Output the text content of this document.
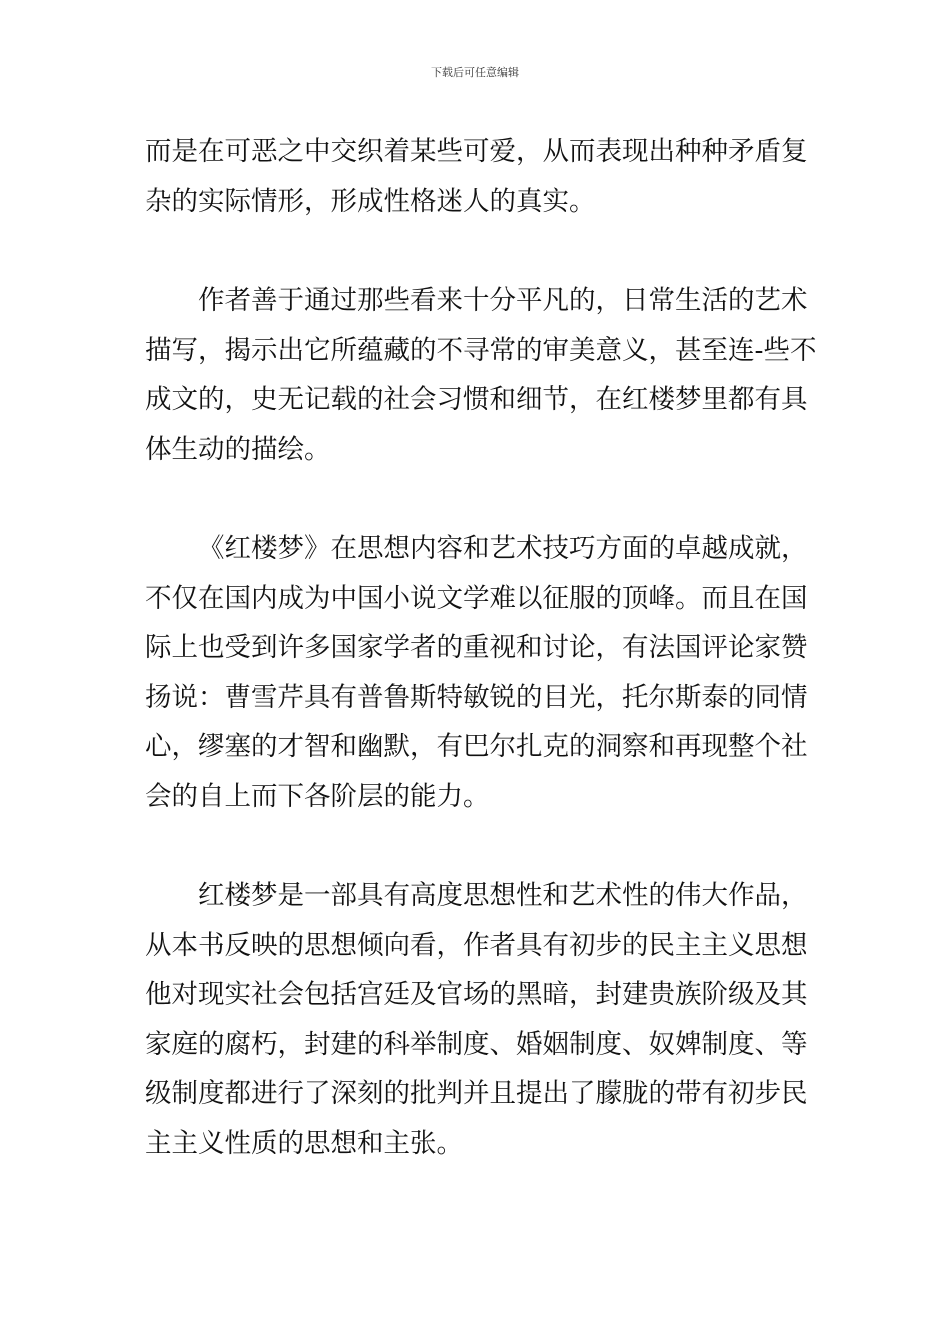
下载后可任意编辑
而是在可恶之中交织着某些可爱，从而表现出种种矛盾复
杂的实际情形，形成性格迷人的真实。
作者善于通过那些看来十分平凡的，日常生活的艺术
描写，揭示出它所蕴藏的不寻常的审美意义，甚至连-些不
成文的，史无记载的社会习惯和细节，在红楼梦里都有具
体生动的描绘。
《红楼梦》在思想内容和艺术技巧方面的卓越成就，
不仅在国内成为中国小说文学难以征服的顶峰。而且在国
际上也受到许多国家学者的重视和讨论，有法国评论家赞
扬说：曹雪芹具有普鲁斯特敏锐的目光，托尔斯泰的同情
心，缪塞的才智和幽默，有巴尔扎克的洞察和再现整个社
会的自上而下各阶层的能力。
红楼梦是一部具有高度思想性和艺术性的伟大作品，
从本书反映的思想倾向看，作者具有初步的民主主义思想
他对现实社会包括宫廷及官场的黑暗，封建贵族阶级及其
家庭的腐朽，封建的科举制度、婚姻制度、奴婢制度、等
级制度都进行了深刻的批判并且提出了朦胧的带有初步民
主主义性质的思想和主张。
